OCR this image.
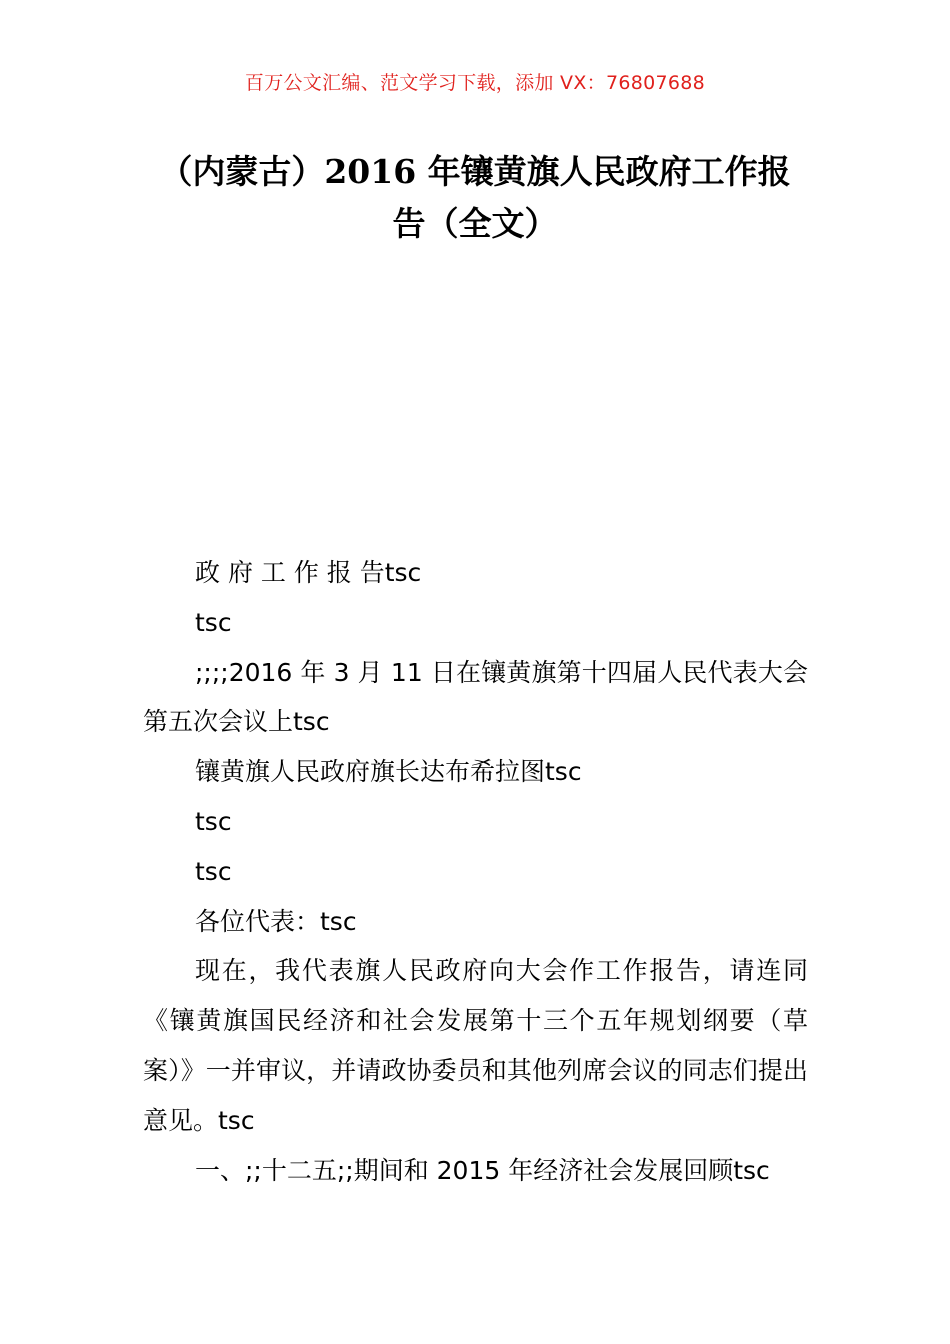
百万公文汇编、范文学习下载，添加 VX：76807688
（内蒙古）2016 年镶黄旗人民政府工作报
告（全文）

政 府 工 作 报 告tsc

tsc

;;;;2016 年 3 月 11 日在镶黄旗第十四届人民代表大会第五次会议上tsc

镶黄旗人民政府旗长达布希拉图tsc

tsc

tsc

各位代表：tsc

现在，我代表旗人民政府向大会作工作报告，请连同《镶黄旗国民经济和社会发展第十三个五年规划纲要（草案）》一并审议，并请政协委员和其他列席会议的同志们提出意见。tsc

一、;;十二五;;期间和 2015 年经济社会发展回顾tsc
